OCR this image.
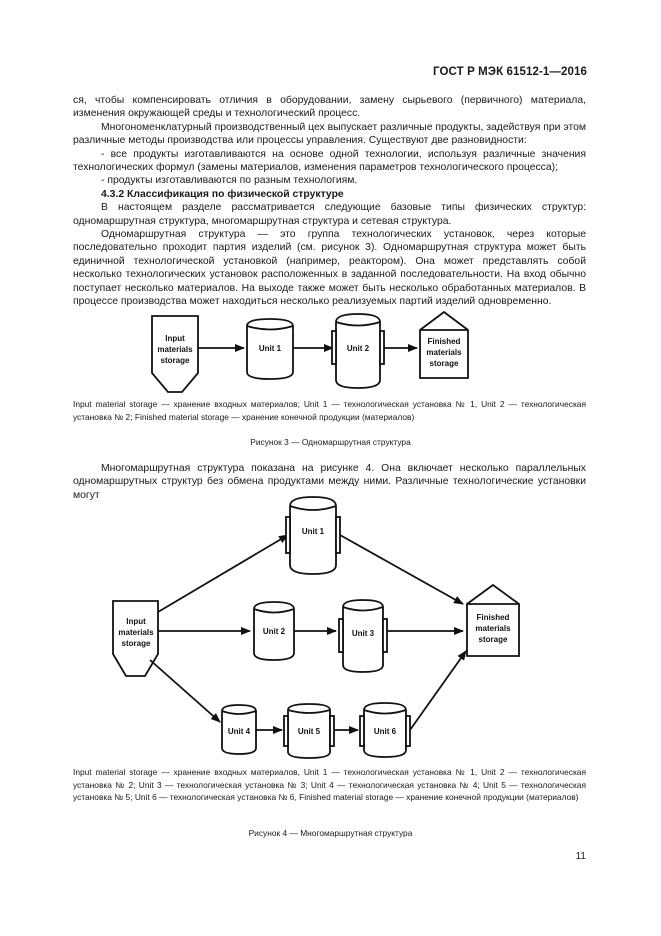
ГОСТ Р МЭК 61512-1—2016

ся, чтобы компенсировать отличия в оборудовании, замену сырьевого (первичного) материала, изменения окружающей среды и технологический процесс.

Многономенклатурный производственный цех выпускает различные продукты, задействуя при этом различные методы производства или процессы управления. Существуют две разновидности:

- все продукты изготавливаются на основе одной технологии, используя различные значения технологических формул (замены материалов, изменения параметров технологического процесса);

- продукты изготавливаются по разным технологиям.

4.3.2 Классификация по физической структуре

В настоящем разделе рассматривается следующие базовые типы физических структур: одномаршрутная структура, многомаршрутная структура и сетевая структура.

Одномаршрутная структура — это группа технологических установок, через которые последовательно проходит партия изделий (см. рисунок 3). Одномаршрутная структура может быть единичной технологической установкой (например, реактором). Она может представлять собой несколько технологических установок расположенных в заданной последовательности. На вход обычно поступает несколько материалов. На выходе также может быть несколько обработанных материалов. В процессе производства может находиться несколько реализуемых партий изделий одновременно.

Input
materials
storage
Unit 1	Unit 2
Finished
materials
storage
Input
materials
storage
Unit 1
Unit 2	Unit 3
Unit 4	Unit 5	Unit 6
Finished
materials
storage
Input material storage — хранение входных материалов; Unit 1 — технологическая установка № 1, Unit 2 — технологическая установка № 2; Finished material storage — хранение конечной продукции (материалов)
Рисунок 3 — Одномаршрутная структура

Многомаршрутная структура показана на рисунке 4. Она включает несколько параллельных одномаршрутных структур без обмена продуктами между ними. Различные технологические установки могут

Input material storage — хранение входных материалов, Unit 1 — технологическая установка № 1, Unit 2 — технологическая установка № 2; Unit 3 — технологическая установка № 3; Unit 4 — технологическая установка № 4; Unit 5 — технологическая установка № 5; Unit 6 — технологическая установка № 6, Finished material storage — хранение конечной продукции (материалов)
Рисунок 4 — Многомаршрутная структура
11
